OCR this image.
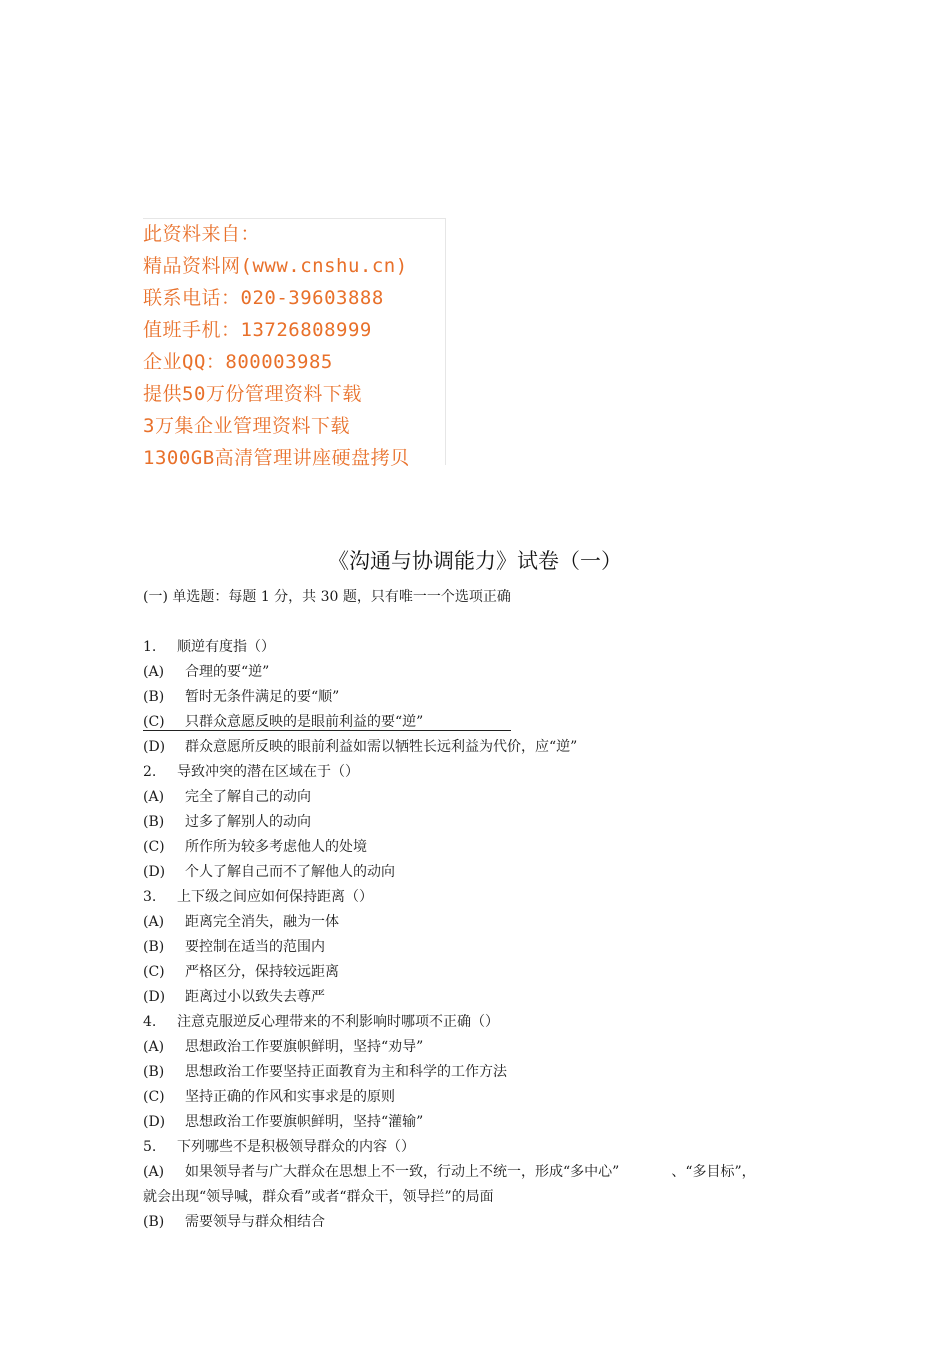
此资料来自：
精品资料网(www.cnshu.cn)
联系电话：020-39603888
值班手机：13726808999
企业QQ：800003985
提供50万份管理资料下载
3万集企业管理资料下载
1300GB高清管理讲座硬盘拷贝
《沟通与协调能力》试卷（一）
(一) 单选题：每题 1 分，共 30 题，只有唯一一个选项正确
1. 顺逆有度指（）
(A) 合理的要“逆”
(B) 暂时无条件满足的要“顺”
(C) 只群众意愿反映的是眼前利益的要“逆”
(D) 群众意愿所反映的眼前利益如需以牺牲长远利益为代价，应“逆”
2. 导致冲突的潜在区域在于（）
(A) 完全了解自己的动向
(B) 过多了解别人的动向
(C) 所作所为较多考虑他人的处境
(D) 个人了解自己而不了解他人的动向
3. 上下级之间应如何保持距离（）
(A) 距离完全消失，融为一体
(B) 要控制在适当的范围内
(C) 严格区分，保持较远距离
(D) 距离过小以致失去尊严
4. 注意克服逆反心理带来的不利影响时哪项不正确（）
(A) 思想政治工作要旗帜鲜明，坚持“劝导”
(B) 思想政治工作要坚持正面教育为主和科学的工作方法
(C) 坚持正确的作风和实事求是的原则
(D) 思想政治工作要旗帜鲜明，坚持“灌输”
5. 下列哪些不是积极领导群众的内容（）
(A) 如果领导者与广大群众在思想上不一致，行动上不统一，形成“多中心”	、“多目标”，
就会出现“领导喊，群众看”或者“群众干，领导拦”的局面
(B) 需要领导与群众相结合
